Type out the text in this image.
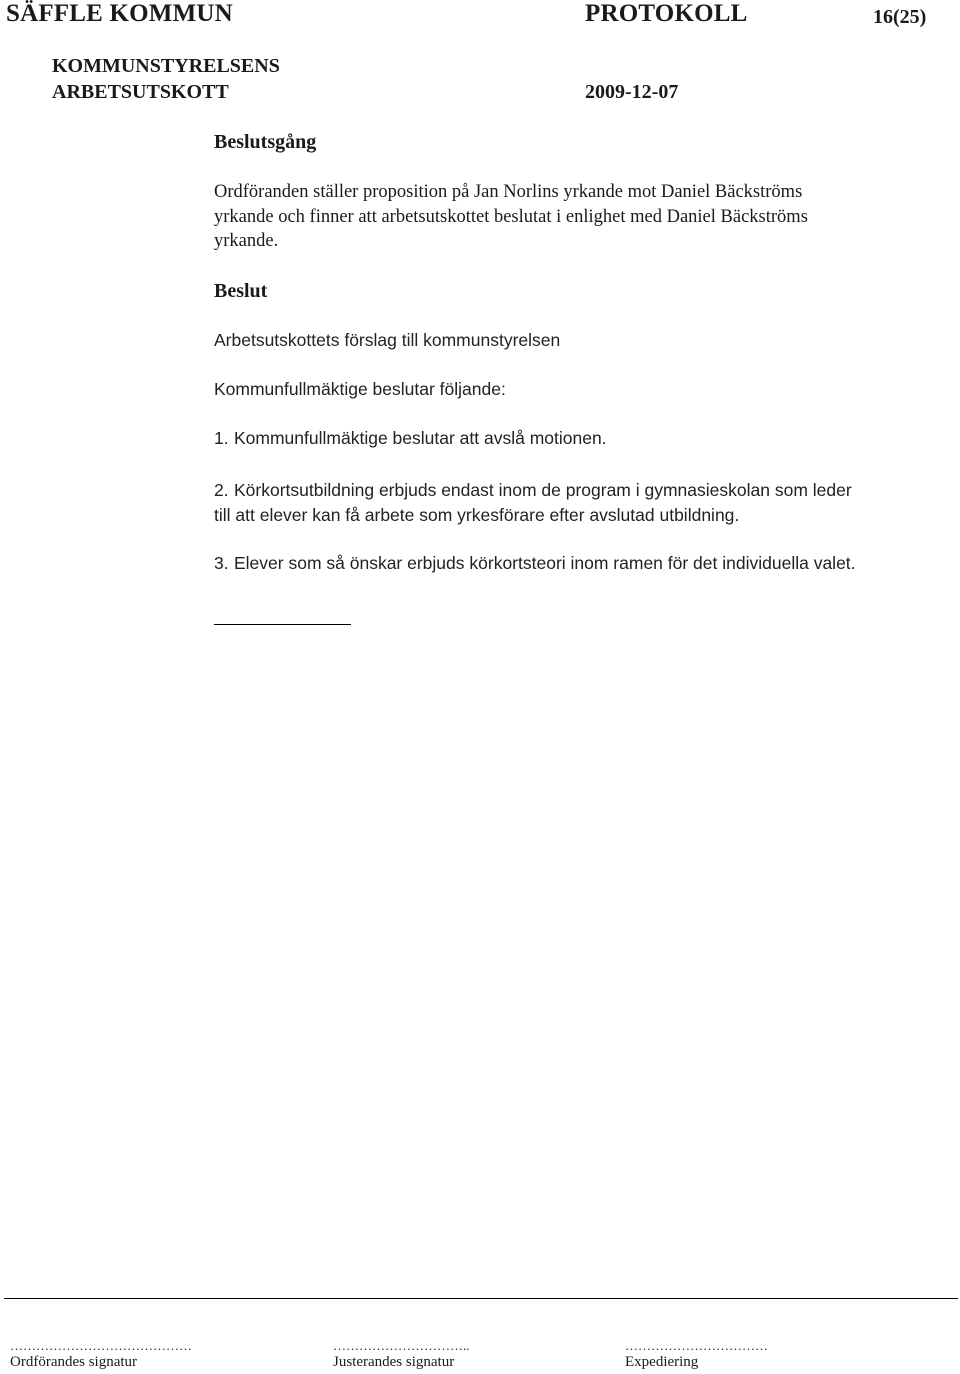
SÄFFLE KOMMUN	PROTOKOLL	16(25)
KOMMUNSTYRELSENS
ARBETSUTSKOTT	2009-12-07
Beslutsgång
Ordföranden ställer proposition på Jan Norlins yrkande mot Daniel Bäckströms
yrkande och finner att arbetsutskottet beslutat i enlighet med Daniel Bäckströms
yrkande.
Beslut
Arbetsutskottets förslag till kommunstyrelsen
Kommunfullmäktige beslutar följande:
1. Kommunfullmäktige beslutar att avslå motionen.
2. Körkortsutbildning erbjuds endast inom de program i gymnasieskolan som leder
till att elever kan få arbete som yrkesförare efter avslutad utbildning.
3. Elever som så önskar erbjuds körkortsteori inom ramen för det individuella valet.
……………………………………	…………………………..	……………………………
Ordförandes signatur	Justerandes signatur	Expediering
